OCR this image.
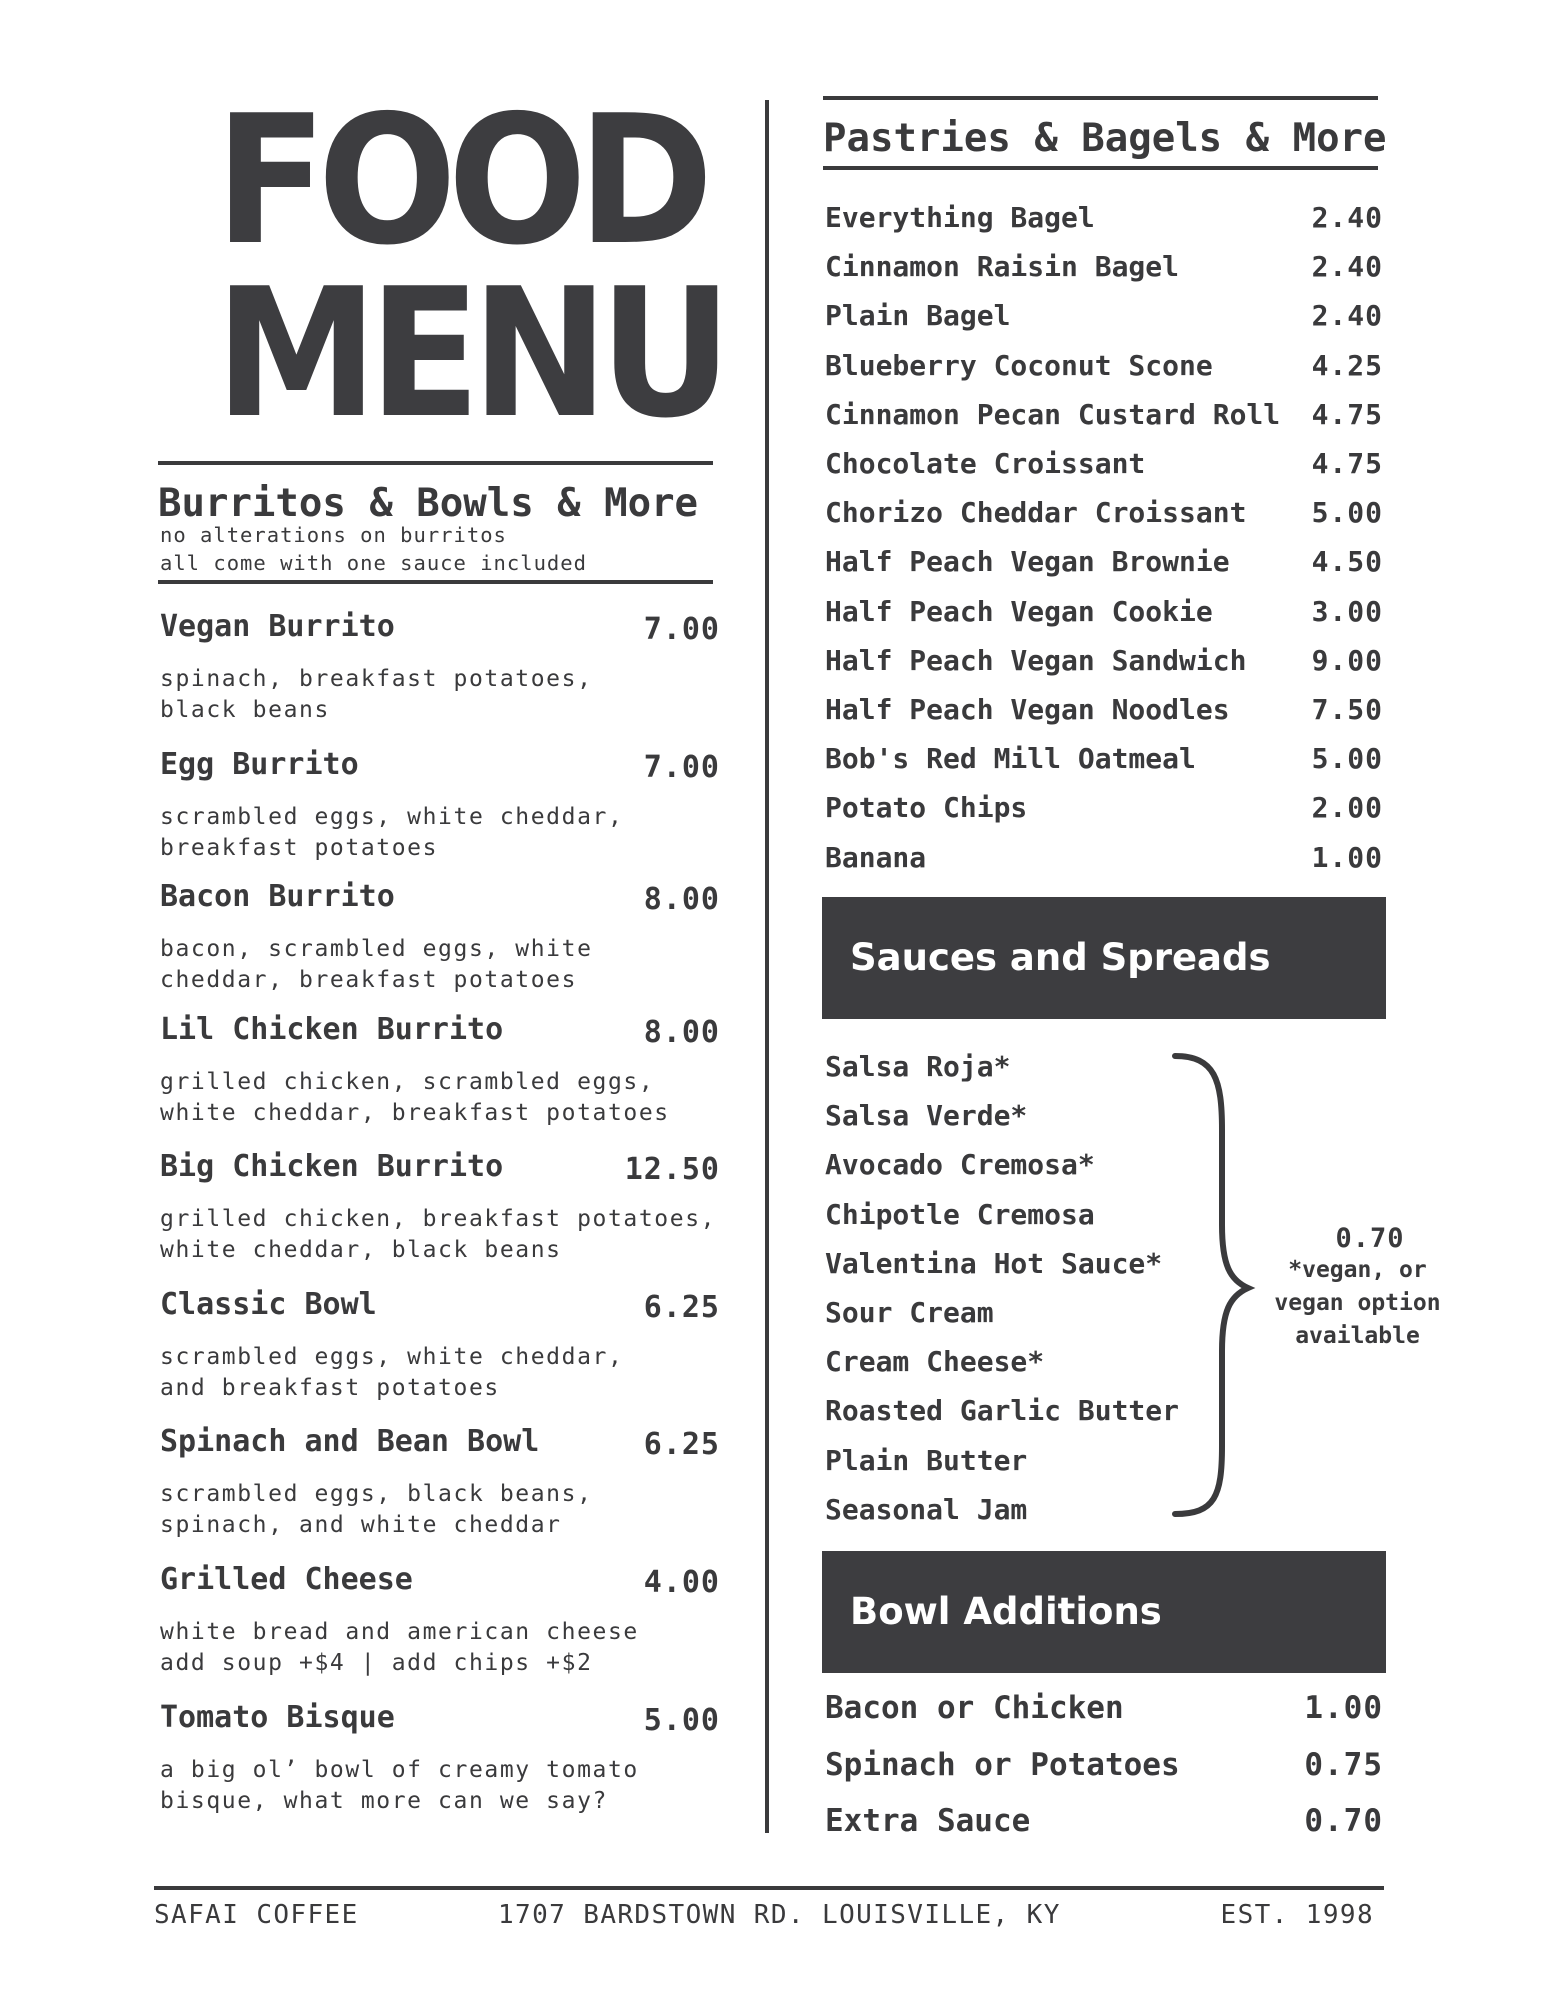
FOOD
MENU
Burritos & Bowls & More
no alterations on burritos
all come with one sauce included
Vegan Burrito	7.00
spinach, breakfast potatoes,
black beans
Egg Burrito	7.00
scrambled eggs, white cheddar,
breakfast potatoes
Bacon Burrito	8.00
bacon, scrambled eggs, white
cheddar, breakfast potatoes
Lil Chicken Burrito	8.00
grilled chicken, scrambled eggs,
white cheddar, breakfast potatoes
Big Chicken Burrito	12.50
grilled chicken, breakfast potatoes,
white cheddar, black beans
Classic Bowl	6.25
scrambled eggs, white cheddar,
and breakfast potatoes
Spinach and Bean Bowl	6.25
scrambled eggs, black beans,
spinach, and white cheddar
Grilled Cheese	4.00
white bread and american cheese
add soup +$4 | add chips +$2
Tomato Bisque	5.00
a big ol’ bowl of creamy tomato
bisque, what more can we say?
Pastries & Bagels & More
Everything Bagel	2.40
Cinnamon Raisin Bagel	2.40
Plain Bagel	2.40
Blueberry Coconut Scone	4.25
Cinnamon Pecan Custard Roll 4.75
Chocolate Croissant	4.75
Chorizo Cheddar Croissant 5.00
Half Peach Vegan Brownie	4.50
Half Peach Vegan Cookie	3.00
Half Peach Vegan Sandwich 9.00
Half Peach Vegan Noodles	7.50
Bob's Red Mill Oatmeal	5.00
Potato Chips	2.00
Banana	1.00
Sauces and Spreads
Salsa Roja*
Salsa Verde*
Avocado Cremosa*
Chipotle Cremosa
Valentina Hot Sauce*
Sour Cream
Cream Cheese*
Roasted Garlic Butter
Plain Butter
Seasonal Jam
0.70
*vegan, or
vegan option
available
Bowl Additions
Bacon or Chicken	1.00
Spinach or Potatoes	0.75
Extra Sauce	0.70
SAFAI COFFEE	1707 BARDSTOWN RD. LOUISVILLE, KY	EST. 1998
